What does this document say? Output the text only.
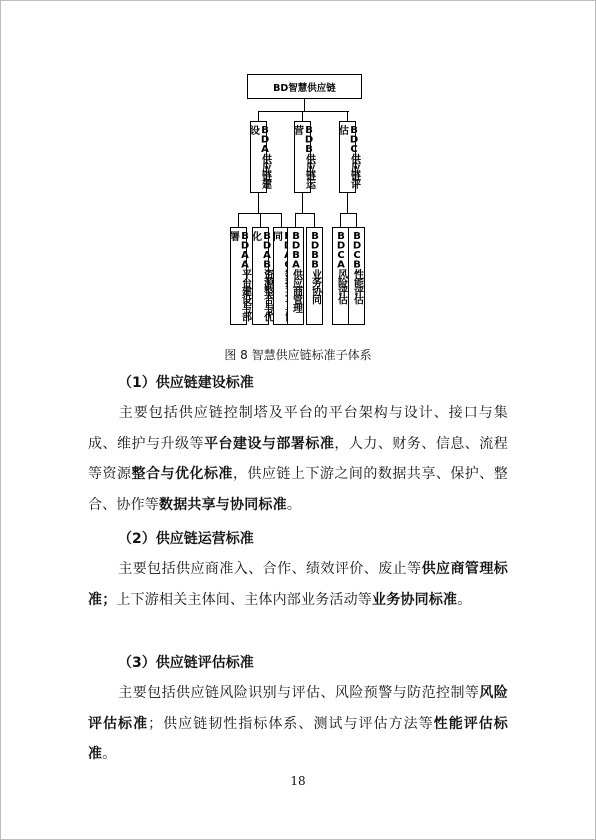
BD智慧供应链
BDA供应链建设	BDB供应链运营	BDC供应链评估
BDAA平台建设与部署	BDAB资源整合与优化	同 BDBA供应商管理 BDBB业务协同	BDCA风险评估 BDCB性能评估
图 8 智慧供应链标准子体系
（1）供应链建设标准
主要包括供应链控制塔及平台的平台架构与设计、接口与集成、维护与升级等平台建设与部署标准，人力、财务、信息、流程等资源整合与优化标准，供应链上下游之间的数据共享、保护、整合、协作等数据共享与协同标准。
（2）供应链运营标准
主要包括供应商准入、合作、绩效评价、废止等供应商管理标准；上下游相关主体间、主体内部业务活动等业务协同标准。
（3）供应链评估标准
主要包括供应链风险识别与评估、风险预警与防范控制等风险评估标准；供应链韧性指标体系、测试与评估方法等性能评估标准。
18
